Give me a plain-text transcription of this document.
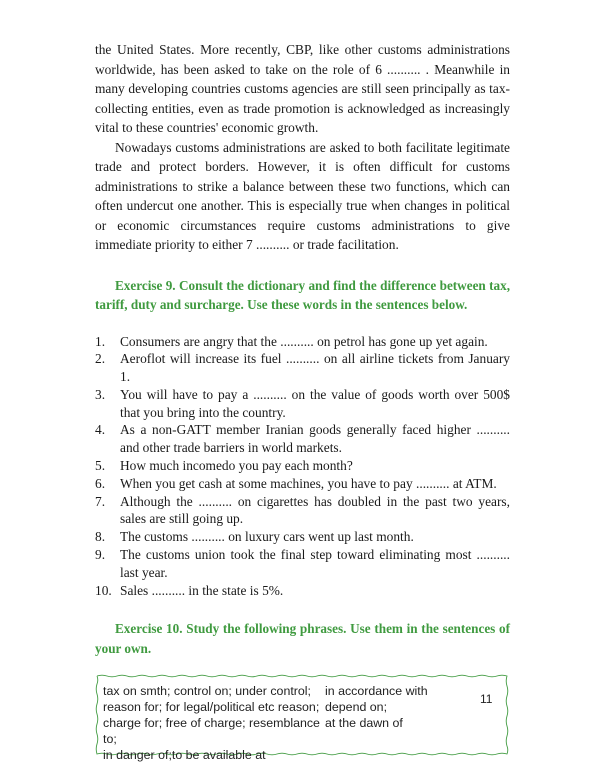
the United States. More recently, CBP, like other customs administrations worldwide, has been asked to take on the role of 6 .......... . Meanwhile in many developing countries customs agencies are still seen principally as tax-collecting entities, even as trade promotion is acknowledged as increasingly vital to these countries' economic growth.

Nowadays customs administrations are asked to both facilitate legitimate trade and protect borders. However, it is often difficult for customs administrations to strike a balance between these two functions, which can often undercut one another. This is especially true when changes in political or economic circumstances require customs administrations to give immediate priority to either 7 .......... or trade facilitation.

Exercise 9. Consult the dictionary and find the difference between tax, tariff, duty and surcharge. Use these words in the sentences below.

1. Consumers are angry that the .......... on petrol has gone up yet again.
2. Aeroflot will increase its fuel .......... on all airline tickets from January 1.
3. You will have to pay a .......... on the value of goods worth over 500$ that you bring into the country.
4. As a non-GATT member Iranian goods generally faced higher .......... and other trade barriers in world markets.
5. How much incomedo you pay each month?
6. When you get cash at some machines, you have to pay .......... at ATM.
7. Although the .......... on cigarettes has doubled in the past two years, sales are still going up.
8. The customs .......... on luxury cars went up last month.
9. The customs union took the final step toward eliminating most .......... last year.
10. Sales .......... in the state is 5%.

Exercise 10. Study the following phrases. Use them in the sentences of your own.

tax on smth; control on; under control;
reason for; for legal/political etc reason;
charge for; free of charge; resemblance to;
in danger of;to be available at
in accordance with
depend on;
at the dawn of
11
